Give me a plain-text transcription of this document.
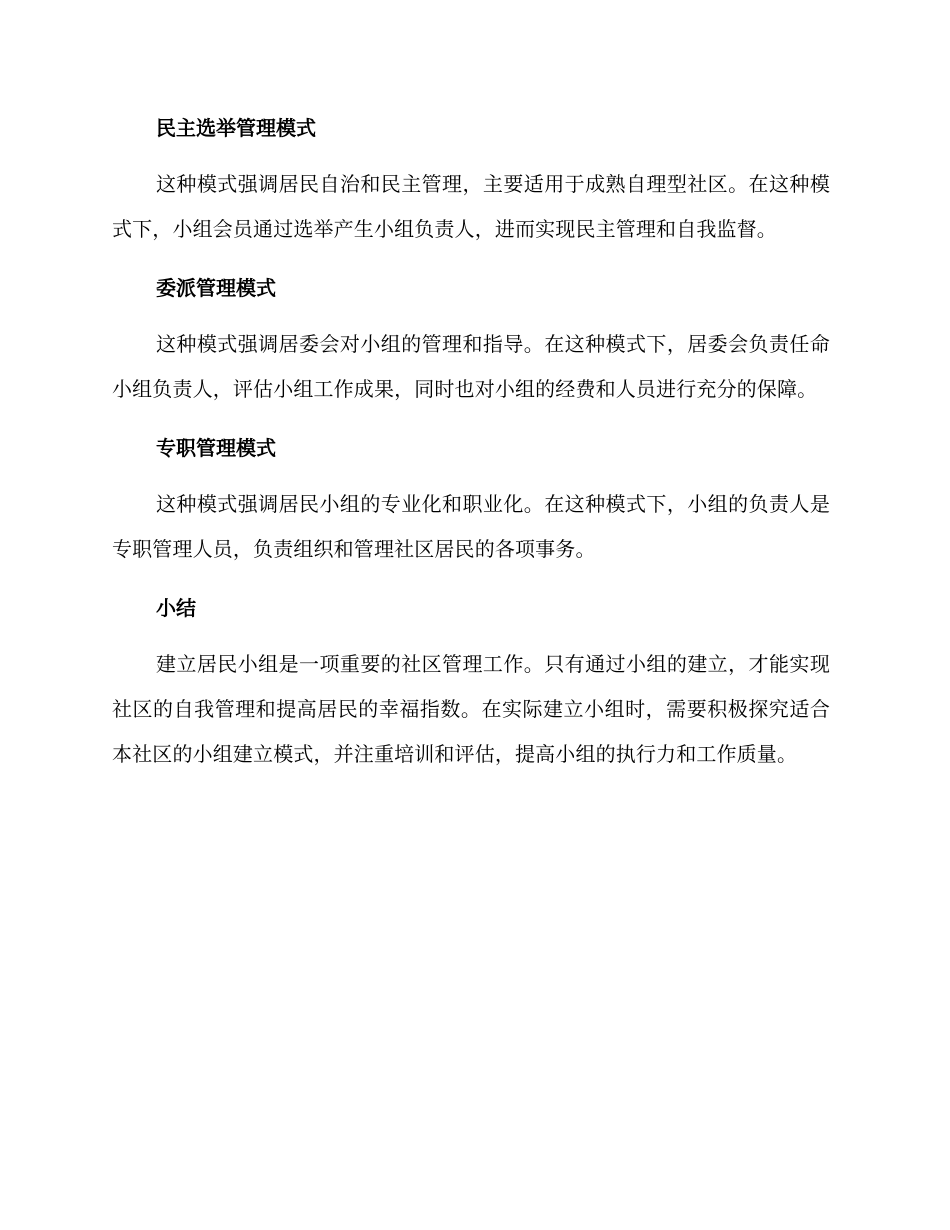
民主选举管理模式

这种模式强调居民自治和民主管理，主要适用于成熟自理型社区。在这种模式下，小组会员通过选举产生小组负责人，进而实现民主管理和自我监督。

委派管理模式

这种模式强调居委会对小组的管理和指导。在这种模式下，居委会负责任命小组负责人，评估小组工作成果，同时也对小组的经费和人员进行充分的保障。

专职管理模式

这种模式强调居民小组的专业化和职业化。在这种模式下，小组的负责人是专职管理人员，负责组织和管理社区居民的各项事务。

小结

建立居民小组是一项重要的社区管理工作。只有通过小组的建立，才能实现社区的自我管理和提高居民的幸福指数。在实际建立小组时，需要积极探究适合本社区的小组建立模式，并注重培训和评估，提高小组的执行力和工作质量。
